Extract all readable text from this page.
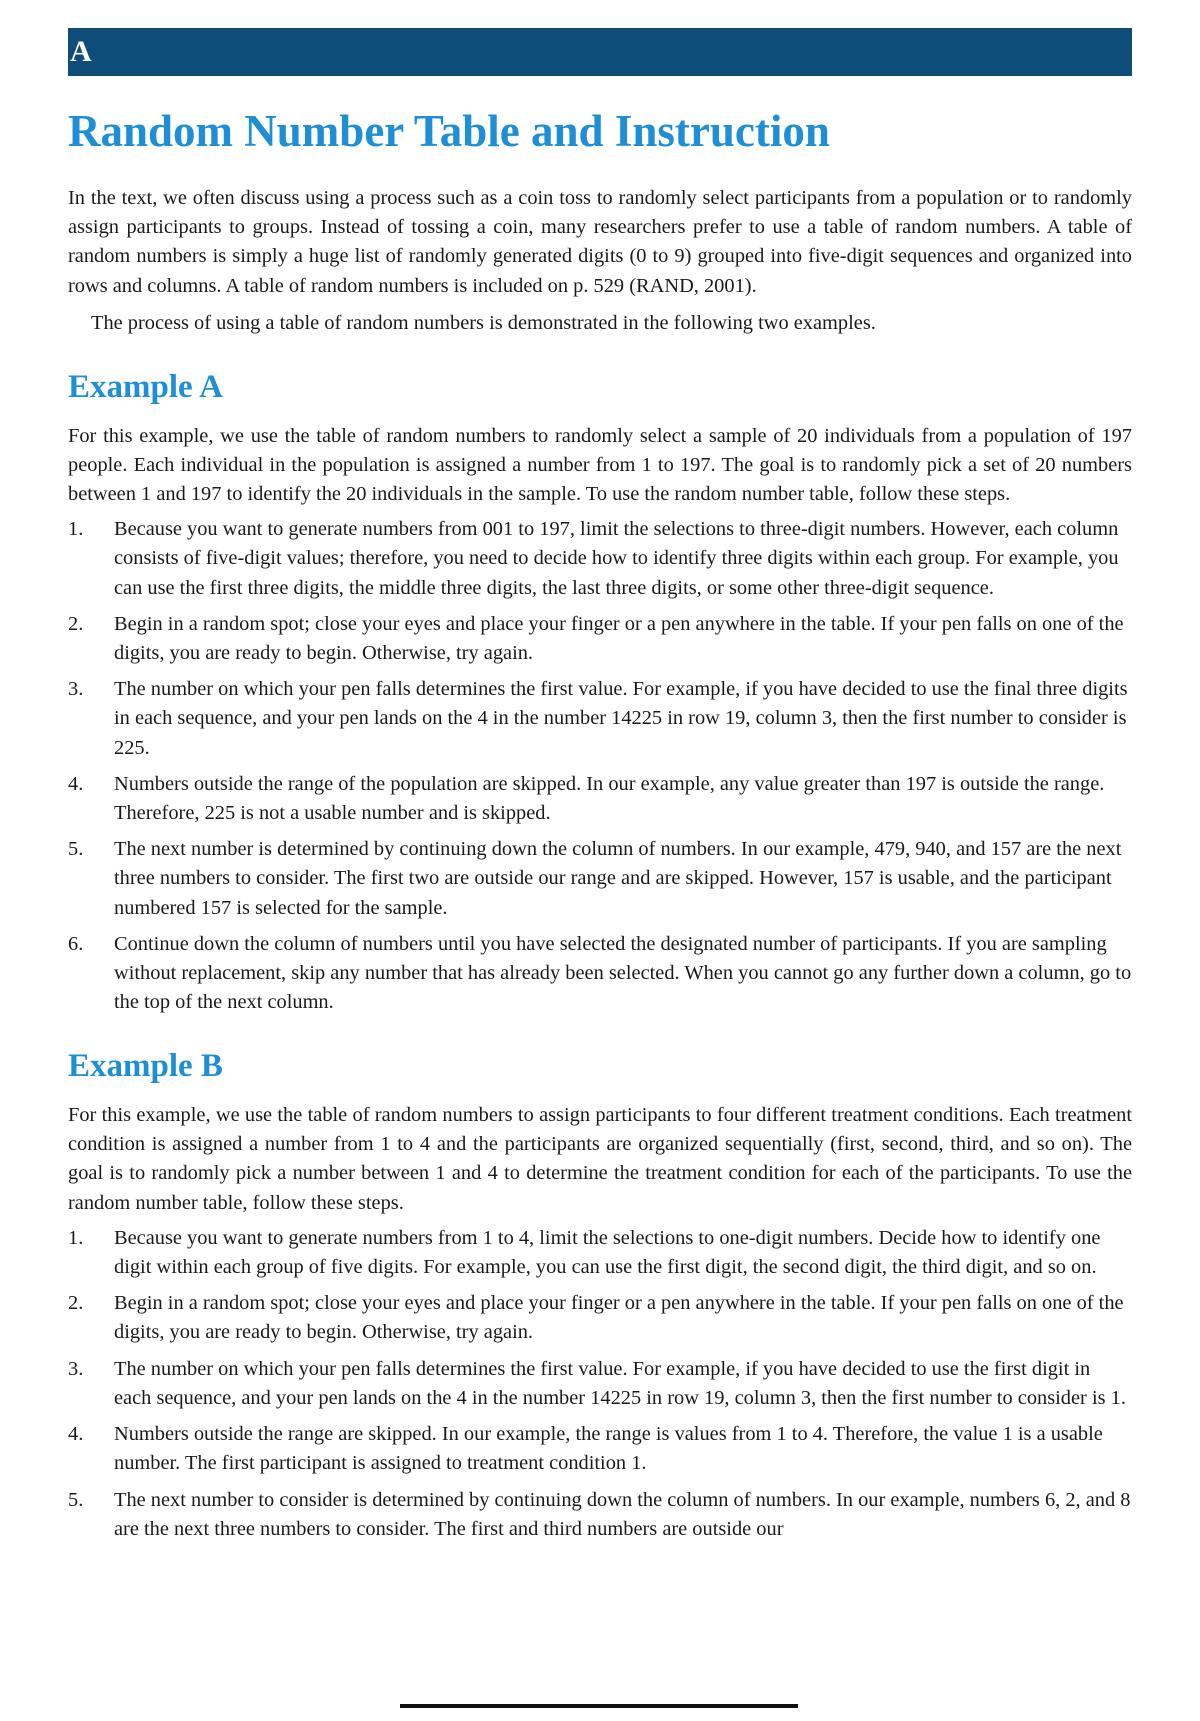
A
Random Number Table and Instruction

In the text, we often discuss using a process such as a coin toss to randomly select participants from a population or to randomly assign participants to groups. Instead of tossing a coin, many researchers prefer to use a table of random numbers. A table of random numbers is simply a huge list of randomly generated digits (0 to 9) grouped into five-digit sequences and organized into rows and columns. A table of random numbers is included on p. 529 (RAND, 2001).

The process of using a table of random numbers is demonstrated in the following two examples.

Example A

For this example, we use the table of random numbers to randomly select a sample of 20 individuals from a population of 197 people. Each individual in the population is assigned a number from 1 to 197. The goal is to randomly pick a set of 20 numbers between 1 and 197 to identify the 20 individuals in the sample. To use the random number table, follow these steps.

1. Because you want to generate numbers from 001 to 197, limit the selections to three-digit numbers. However, each column consists of five-digit values; therefore, you need to decide how to identify three digits within each group. For example, you can use the first three digits, the middle three digits, the last three digits, or some other three-digit sequence.
2. Begin in a random spot; close your eyes and place your finger or a pen anywhere in the table. If your pen falls on one of the digits, you are ready to begin. Otherwise, try again.
3. The number on which your pen falls determines the first value. For example, if you have decided to use the final three digits in each sequence, and your pen lands on the 4 in the number 14225 in row 19, column 3, then the first number to consider is 225.
4. Numbers outside the range of the population are skipped. In our example, any value greater than 197 is outside the range. Therefore, 225 is not a usable number and is skipped.
5. The next number is determined by continuing down the column of numbers. In our example, 479, 940, and 157 are the next three numbers to consider. The first two are outside our range and are skipped. However, 157 is usable, and the participant numbered 157 is selected for the sample.
6. Continue down the column of numbers until you have selected the designated number of participants. If you are sampling without replacement, skip any number that has already been selected. When you cannot go any further down a column, go to the top of the next column.
Example B

For this example, we use the table of random numbers to assign participants to four different treatment conditions. Each treatment condition is assigned a number from 1 to 4 and the participants are organized sequentially (first, second, third, and so on). The goal is to randomly pick a number between 1 and 4 to determine the treatment condition for each of the participants. To use the random number table, follow these steps.

1. Because you want to generate numbers from 1 to 4, limit the selections to one-digit numbers. Decide how to identify one digit within each group of five digits. For example, you can use the first digit, the second digit, the third digit, and so on.
2. Begin in a random spot; close your eyes and place your finger or a pen anywhere in the table. If your pen falls on one of the digits, you are ready to begin. Otherwise, try again.
3. The number on which your pen falls determines the first value. For example, if you have decided to use the first digit in each sequence, and your pen lands on the 4 in the number 14225 in row 19, column 3, then the first number to consider is 1.
4. Numbers outside the range are skipped. In our example, the range is values from 1 to 4. Therefore, the value 1 is a usable number. The first participant is assigned to treatment condition 1.
5. The next number to consider is determined by continuing down the column of numbers. In our example, numbers 6, 2, and 8 are the next three numbers to consider. The first and third numbers are outside our
